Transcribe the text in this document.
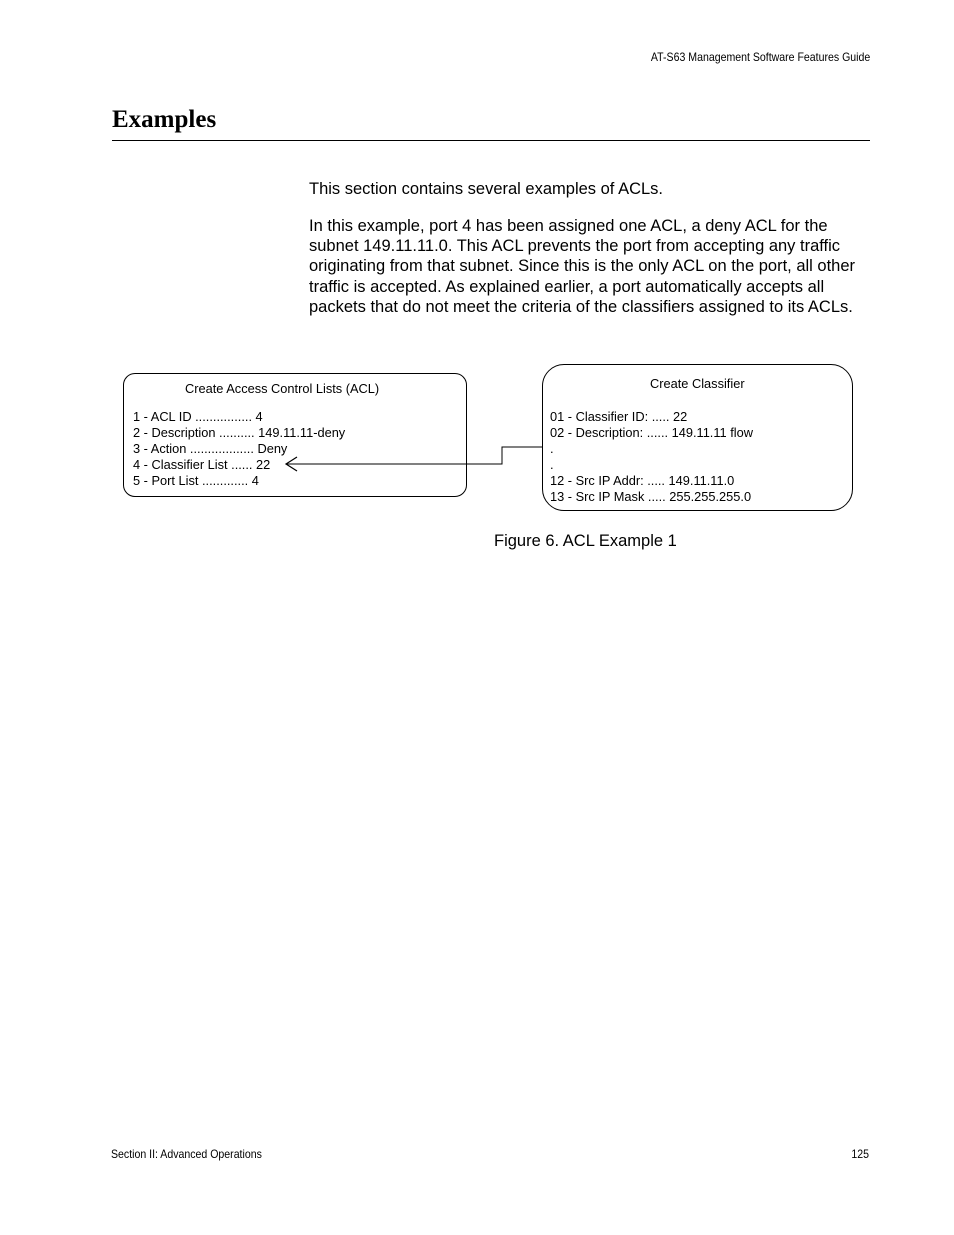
AT-S63 Management Software Features Guide
Examples

This section contains several examples of ACLs.

In this example, port 4 has been assigned one ACL, a deny ACL for the subnet 149.11.11.0. This ACL prevents the port from accepting any traffic originating from that subnet. Since this is the only ACL on the port, all other traffic is accepted. As explained earlier, a port automatically accepts all packets that do not meet the criteria of the classifiers assigned to its ACLs.

Create Access Control Lists (ACL)
1 - ACL ID ................ 4
2 - Description .......... 149.11.11-deny
3 - Action .................. Deny
4 - Classifier List ...... 22
5 - Port List ............. 4
Create Classifier
01 - Classifier ID: ..... 22
02 - Description: ...... 149.11.11 flow
.
.
12 - Src IP Addr: ..... 149.11.11.0
13 - Src IP Mask ..... 255.255.255.0

Figure 6. ACL Example 1

Section II: Advanced Operations	125
